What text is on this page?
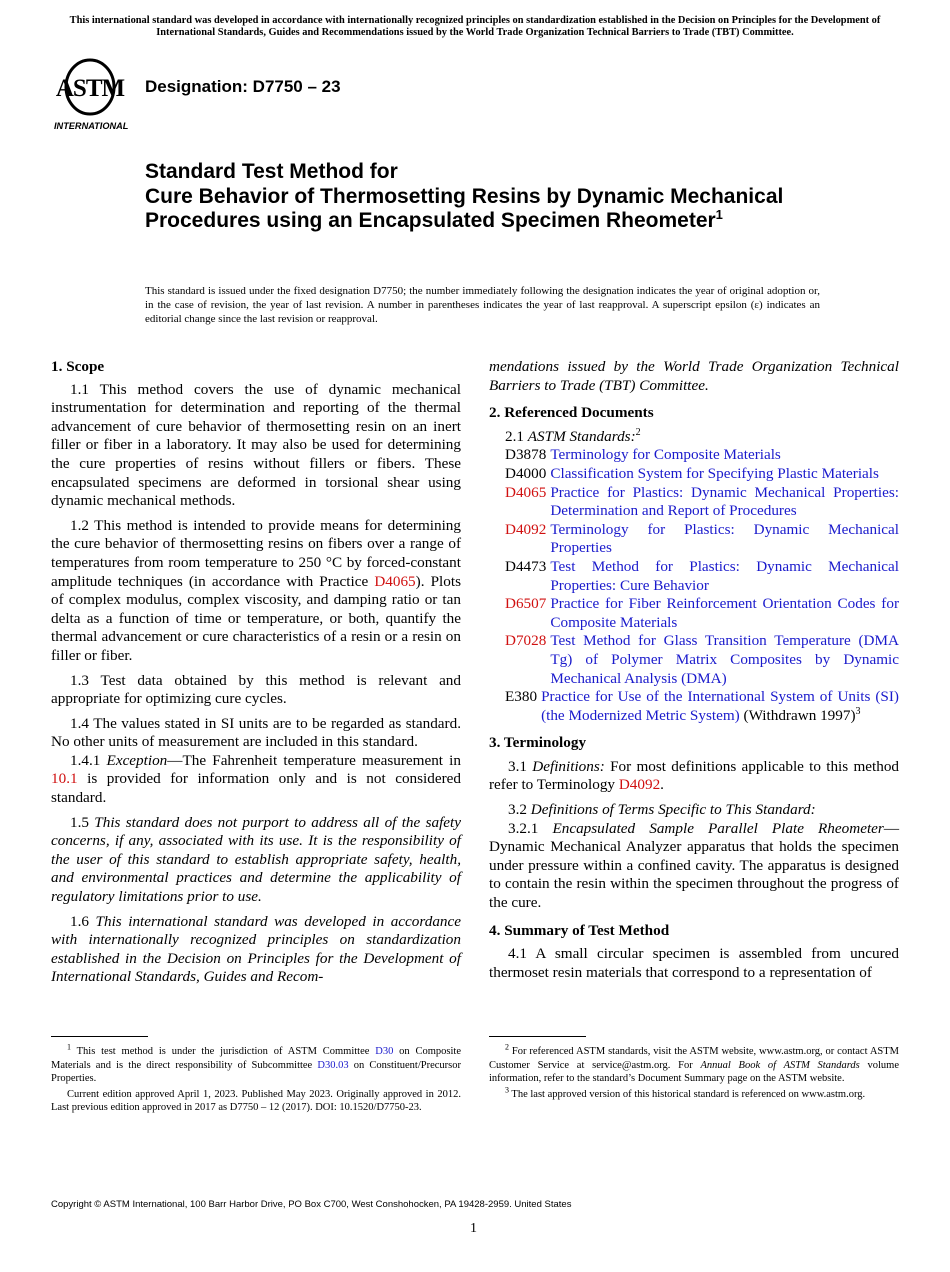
This international standard was developed in accordance with internationally recognized principles on standardization established in the Decision on Principles for the Development of International Standards, Guides and Recommendations issued by the World Trade Organization Technical Barriers to Trade (TBT) Committee.
ASTM
INTERNATIONAL
Designation: D7750 – 23
Standard Test Method for
Cure Behavior of Thermosetting Resins by Dynamic Mechanical Procedures using an Encapsulated Specimen Rheometer$^1$
This standard is issued under the fixed designation D7750; the number immediately following the designation indicates the year of original adoption or, in the case of revision, the year of last revision. A number in parentheses indicates the year of last reapproval. A superscript epsilon (ε) indicates an editorial change since the last revision or reapproval.
1. Scope

1.1 This method covers the use of dynamic mechanical instrumentation for determination and reporting of the thermal advancement of cure behavior of thermosetting resin on an inert filler or fiber in a laboratory. It may also be used for determining the cure properties of resins without fillers or fibers. These encapsulated specimens are deformed in torsional shear using dynamic mechanical methods.

1.2 This method is intended to provide means for determining the cure behavior of thermosetting resins on fibers over a range of temperatures from room temperature to 250 °C by forced-constant amplitude techniques (in accordance with Practice D4065). Plots of complex modulus, complex viscosity, and damping ratio or tan delta as a function of time or temperature, or both, quantify the thermal advancement or cure characteristics of a resin or a resin on filler or fiber.

1.3 Test data obtained by this method is relevant and appropriate for optimizing cure cycles.

1.4 The values stated in SI units are to be regarded as standard. No other units of measurement are included in this standard.

1.4.1 Exception—The Fahrenheit temperature measurement in 10.1 is provided for information only and is not considered standard.

1.5 This standard does not purport to address all of the safety concerns, if any, associated with its use. It is the responsibility of the user of this standard to establish appropriate safety, health, and environmental practices and determine the applicability of regulatory limitations prior to use.

1.6 This international standard was developed in accordance with internationally recognized principles on standardization established in the Decision on Principles for the Development of International Standards, Guides and Recom-

mendations issued by the World Trade Organization Technical Barriers to Trade (TBT) Committee.

2. Referenced Documents
2.1 ASTM Standards:$^2$
D3878 Terminology for Composite Materials
D4000 Classification System for Specifying Plastic Materials
D4065 Practice for Plastics: Dynamic Mechanical Properties: Determination and Report of Procedures
D4092 Terminology for Plastics: Dynamic Mechanical Properties
D4473 Test Method for Plastics: Dynamic Mechanical Properties: Cure Behavior
D6507 Practice for Fiber Reinforcement Orientation Codes for Composite Materials
D7028 Test Method for Glass Transition Temperature (DMA Tg) of Polymer Matrix Composites by Dynamic Mechanical Analysis (DMA)
E380 Practice for Use of the International System of Units (SI) (the Modernized Metric System) (Withdrawn 1997)$^3$
3. Terminology

3.1 Definitions: For most definitions applicable to this method refer to Terminology D4092.

3.2 Definitions of Terms Specific to This Standard:

3.2.1 Encapsulated Sample Parallel Plate Rheometer—Dynamic Mechanical Analyzer apparatus that holds the specimen under pressure within a confined cavity. The apparatus is designed to contain the resin within the specimen throughout the progress of the cure.

4. Summary of Test Method

4.1 A small circular specimen is assembled from uncured thermoset resin materials that correspond to a representation of

$^1$ This test method is under the jurisdiction of ASTM Committee D30 on Composite Materials and is the direct responsibility of Subcommittee D30.03 on Constituent/Precursor Properties.

Current edition approved April 1, 2023. Published May 2023. Originally approved in 2012. Last previous edition approved in 2017 as D7750 – 12 (2017). DOI: 10.1520/D7750-23.

$^2$ For referenced ASTM standards, visit the ASTM website, www.astm.org, or contact ASTM Customer Service at service@astm.org. For Annual Book of ASTM Standards volume information, refer to the standard’s Document Summary page on the ASTM website.

$^3$ The last approved version of this historical standard is referenced on www.astm.org.

Copyright © ASTM International, 100 Barr Harbor Drive, PO Box C700, West Conshohocken, PA 19428-2959. United States
1
